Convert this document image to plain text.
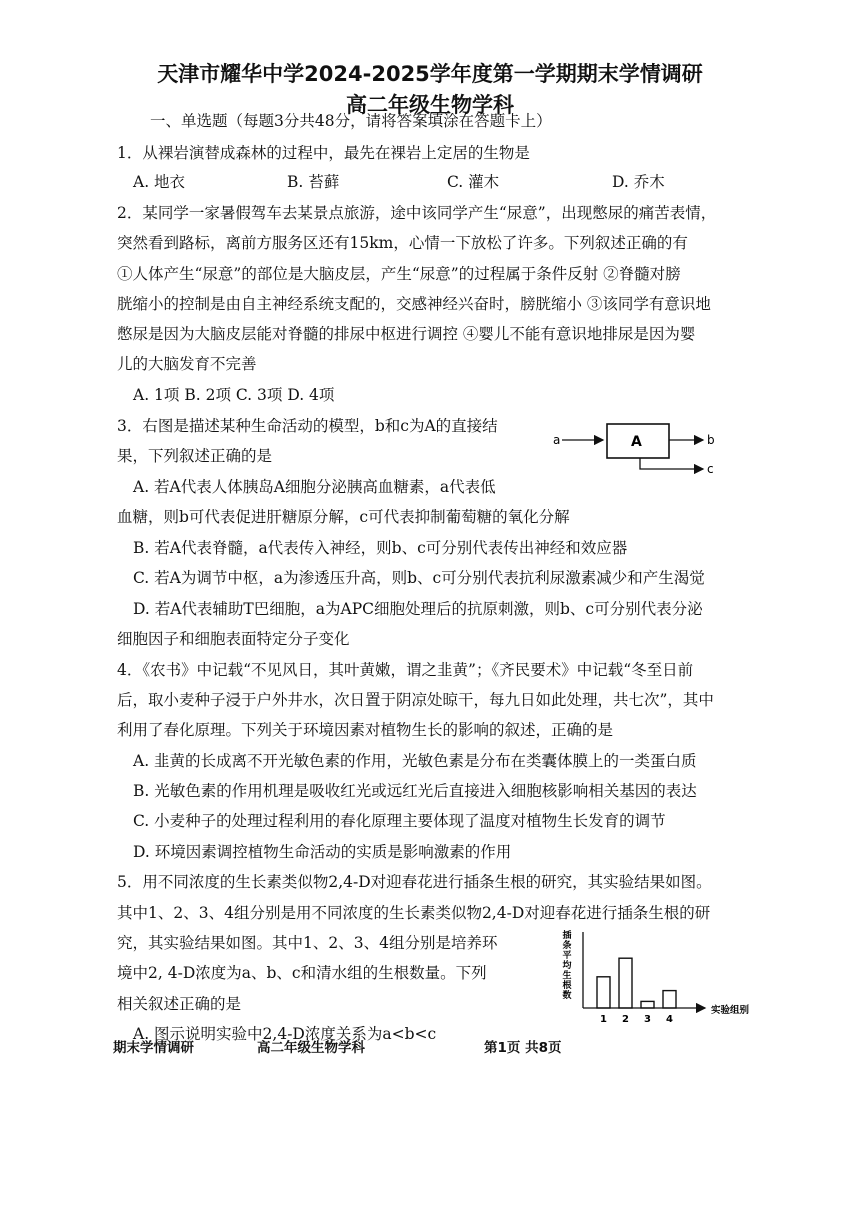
天津市耀华中学2024-2025学年度第一学期期末学情调研
高二年级生物学科
一、单选题（每题3分共48分，请将答案填涂在答题卡上）
1．从裸岩演替成森林的过程中，最先在裸岩上定居的生物是
A. 地衣	B. 苔藓	C. 灌木	D. 乔木
2．某同学一家暑假驾车去某景点旅游，途中该同学产生“尿意”，出现憋尿的痛苦表情，
突然看到路标，离前方服务区还有15km，心情一下放松了许多。下列叙述正确的有
①人体产生“尿意”的部位是大脑皮层，产生“尿意”的过程属于条件反射 ②脊髓对膀
胱缩小的控制是由自主神经系统支配的，交感神经兴奋时，膀胱缩小 ③该同学有意识地
憋尿是因为大脑皮层能对脊髓的排尿中枢进行调控 ④婴儿不能有意识地排尿是因为婴
儿的大脑发育不完善
A. 1项 B. 2项 C. 3项 D. 4项
3．右图是描述某种生命活动的模型，b和c为A的直接结
果，下列叙述正确的是
A. 若A代表人体胰岛A细胞分泌胰高血糖素，a代表低
血糖，则b可代表促进肝糖原分解，c可代表抑制葡萄糖的氧化分解
B. 若A代表脊髓，a代表传入神经，则b、c可分别代表传出神经和效应器
C. 若A为调节中枢，a为渗透压升高，则b、c可分别代表抗利尿激素减少和产生渴觉
D. 若A代表辅助T巴细胞，a为APC细胞处理后的抗原刺激，则b、c可分别代表分泌
细胞因子和细胞表面特定分子变化
a	A	b
c
4．《农书》中记载“不见风日，其叶黄嫩，谓之韭黄”；《齐民要术》中记载“冬至日前
后，取小麦种子浸于户外井水，次日置于阴凉处晾干，每九日如此处理，共七次”，其中
利用了春化原理。下列关于环境因素对植物生长的影响的叙述，正确的是
A. 韭黄的长成离不开光敏色素的作用，光敏色素是分布在类囊体膜上的一类蛋白质
B. 光敏色素的作用机理是吸收红光或远红光后直接进入细胞核影响相关基因的表达
C. 小麦种子的处理过程利用的春化原理主要体现了温度对植物生长发育的调节
D. 环境因素调控植物生命活动的实质是影响激素的作用
5．用不同浓度的生长素类似物2,4-D对迎春花进行插条生根的研究，其实验结果如图。
其中1、2、3、4组分别是用不同浓度的生长素类似物2,4-D对迎春花进行插条生根的研
究，其实验结果如图。其中1、2、3、4组分别是培养环
境中2, 4-D浓度为a、b、c和清水组的生根数量。下列
相关叙述正确的是
A. 图示说明实验中2,4-D浓度关系为a<b<c
插
条
平
均
生
根
数
1 2 3 4
实验组别
期末学情调研	高二年级生物学科	第1页 共8页
